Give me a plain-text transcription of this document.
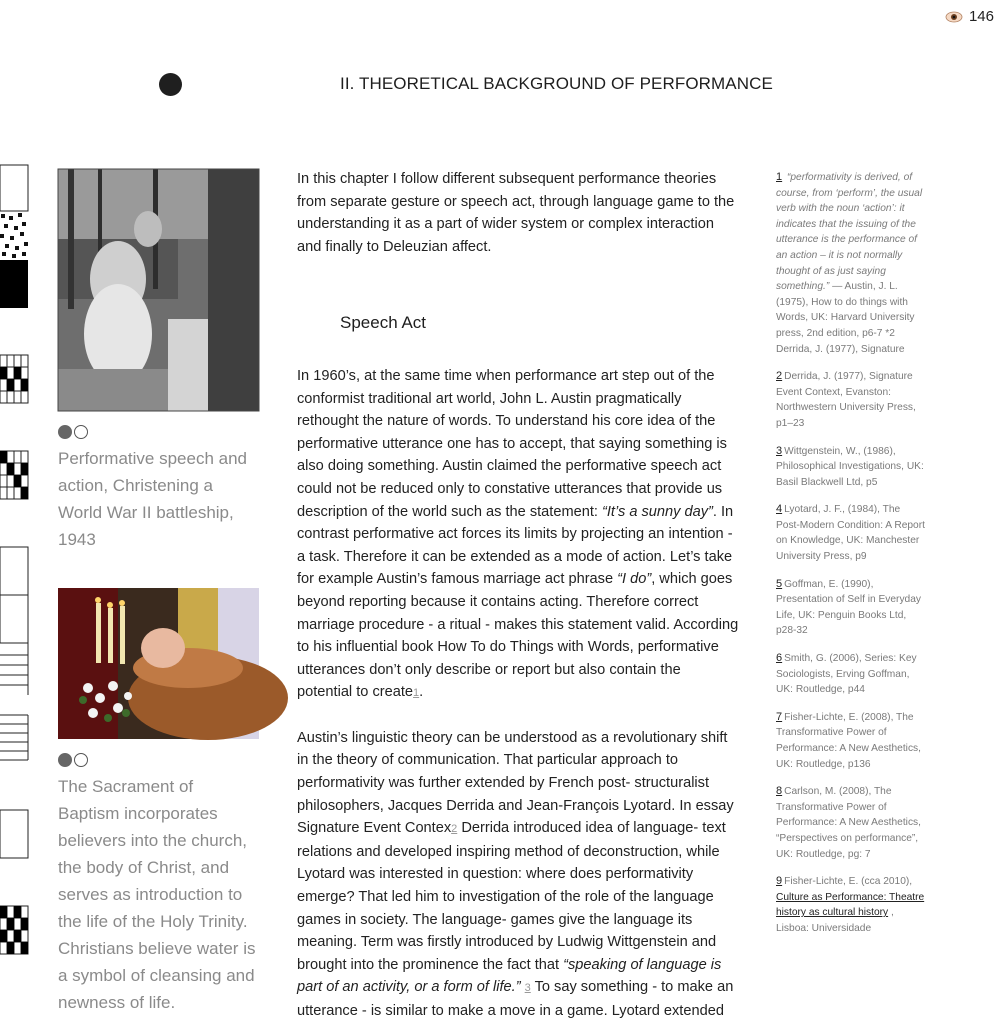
146
II. THEORETICAL BACKGROUND OF PERFORMANCE
Performative speech and action, Christening a World War II battleship, 1943
The Sacrament of Baptism incorporates believers into the church, the body of Christ, and serves as introduction to the life of the Holy Trinity. Christians believe water is a symbol of cleansing and newness of life.

In this chapter I follow different subsequent performance theories from separate gesture or speech act, through language game to the understanding it as a part of wider system or complex interaction and finally to Deleuzian affect.

Speech Act

In 1960’s, at the same time when performance art step out of the conformist traditional art world, John L. Austin pragmatically rethought the nature of words. To understand his core idea of the performative utterance one has to accept, that saying something is also doing something. Austin claimed the performative speech act could not be reduced only to constative utterances that provide us description of the world such as the statement: “It’s a sunny day”. In contrast performative act forces its limits by projecting an intention - a task. Therefore it can be extended as a mode of action. Let’s take for example Austin’s famous marriage act phrase “I do”, which goes beyond reporting because it contains acting. Therefore correct marriage procedure - a ritual - makes this statement valid. According to his influential book How To do Things with Words, performative utterances don’t only describe or report but also contain the potential to create1.

Austin’s linguistic theory can be understood as a revolutionary shift in the theory of communication. That particular approach to performativity was further extended by French post- structuralist philosophers, Jacques Derrida and Jean-François Lyotard. In essay Signature Event Contex2 Derrida introduced idea of language- text relations and developed inspiring method of deconstruction, while Lyotard was interested in question: where does performativity emerge? That led him to investigation of the role of the language games in society. The language- games give the language its meaning. Term was firstly introduced by Ludwig Wittgenstein and brought into the prominence the fact that “speaking of language is part of an activity, or a form of life.” 3 To say something - to make an utterance - is similar to make a move in a game. Lyotard extended

1 “performativity is derived, of course, from ‘perform’, the usual verb with the noun ‘action’: it indicates that the issuing of the utterance is the performance of an action – it is not normally thought of as just saying something.” — Austin, J. L. (1975), How to do things with Words, UK: Harvard University press, 2nd edition, p6-7 *2 Derrida, J. (1977), Signature
2 Derrida, J. (1977), Signature Event Context, Evanston: Northwestern University Press, p1–23
3 Wittgenstein, W., (1986), Philosophical Investigations, UK: Basil Blackwell Ltd, p5
4 Lyotard, J. F., (1984), The Post-Modern Condition: A Report on Knowledge, UK: Manchester University Press, p9
5 Goffman, E. (1990), Presentation of Self in Everyday Life, UK: Penguin Books Ltd, p28-32
6 Smith, G. (2006), Series: Key Sociologists, Erving Goffman, UK: Routledge, p44
7 Fisher-Lichte, E. (2008), The Transformative Power of Performance: A New Aesthetics, UK: Routledge, p136
8 Carlson, M. (2008), The Transformative Power of Performance: A New Aesthetics, “Perspectives on performance”, UK: Routledge, pg: 7
9 Fisher-Lichte, E. (cca 2010), Culture as Performance: Theatre history as cultural history , Lisboa: Universidade
